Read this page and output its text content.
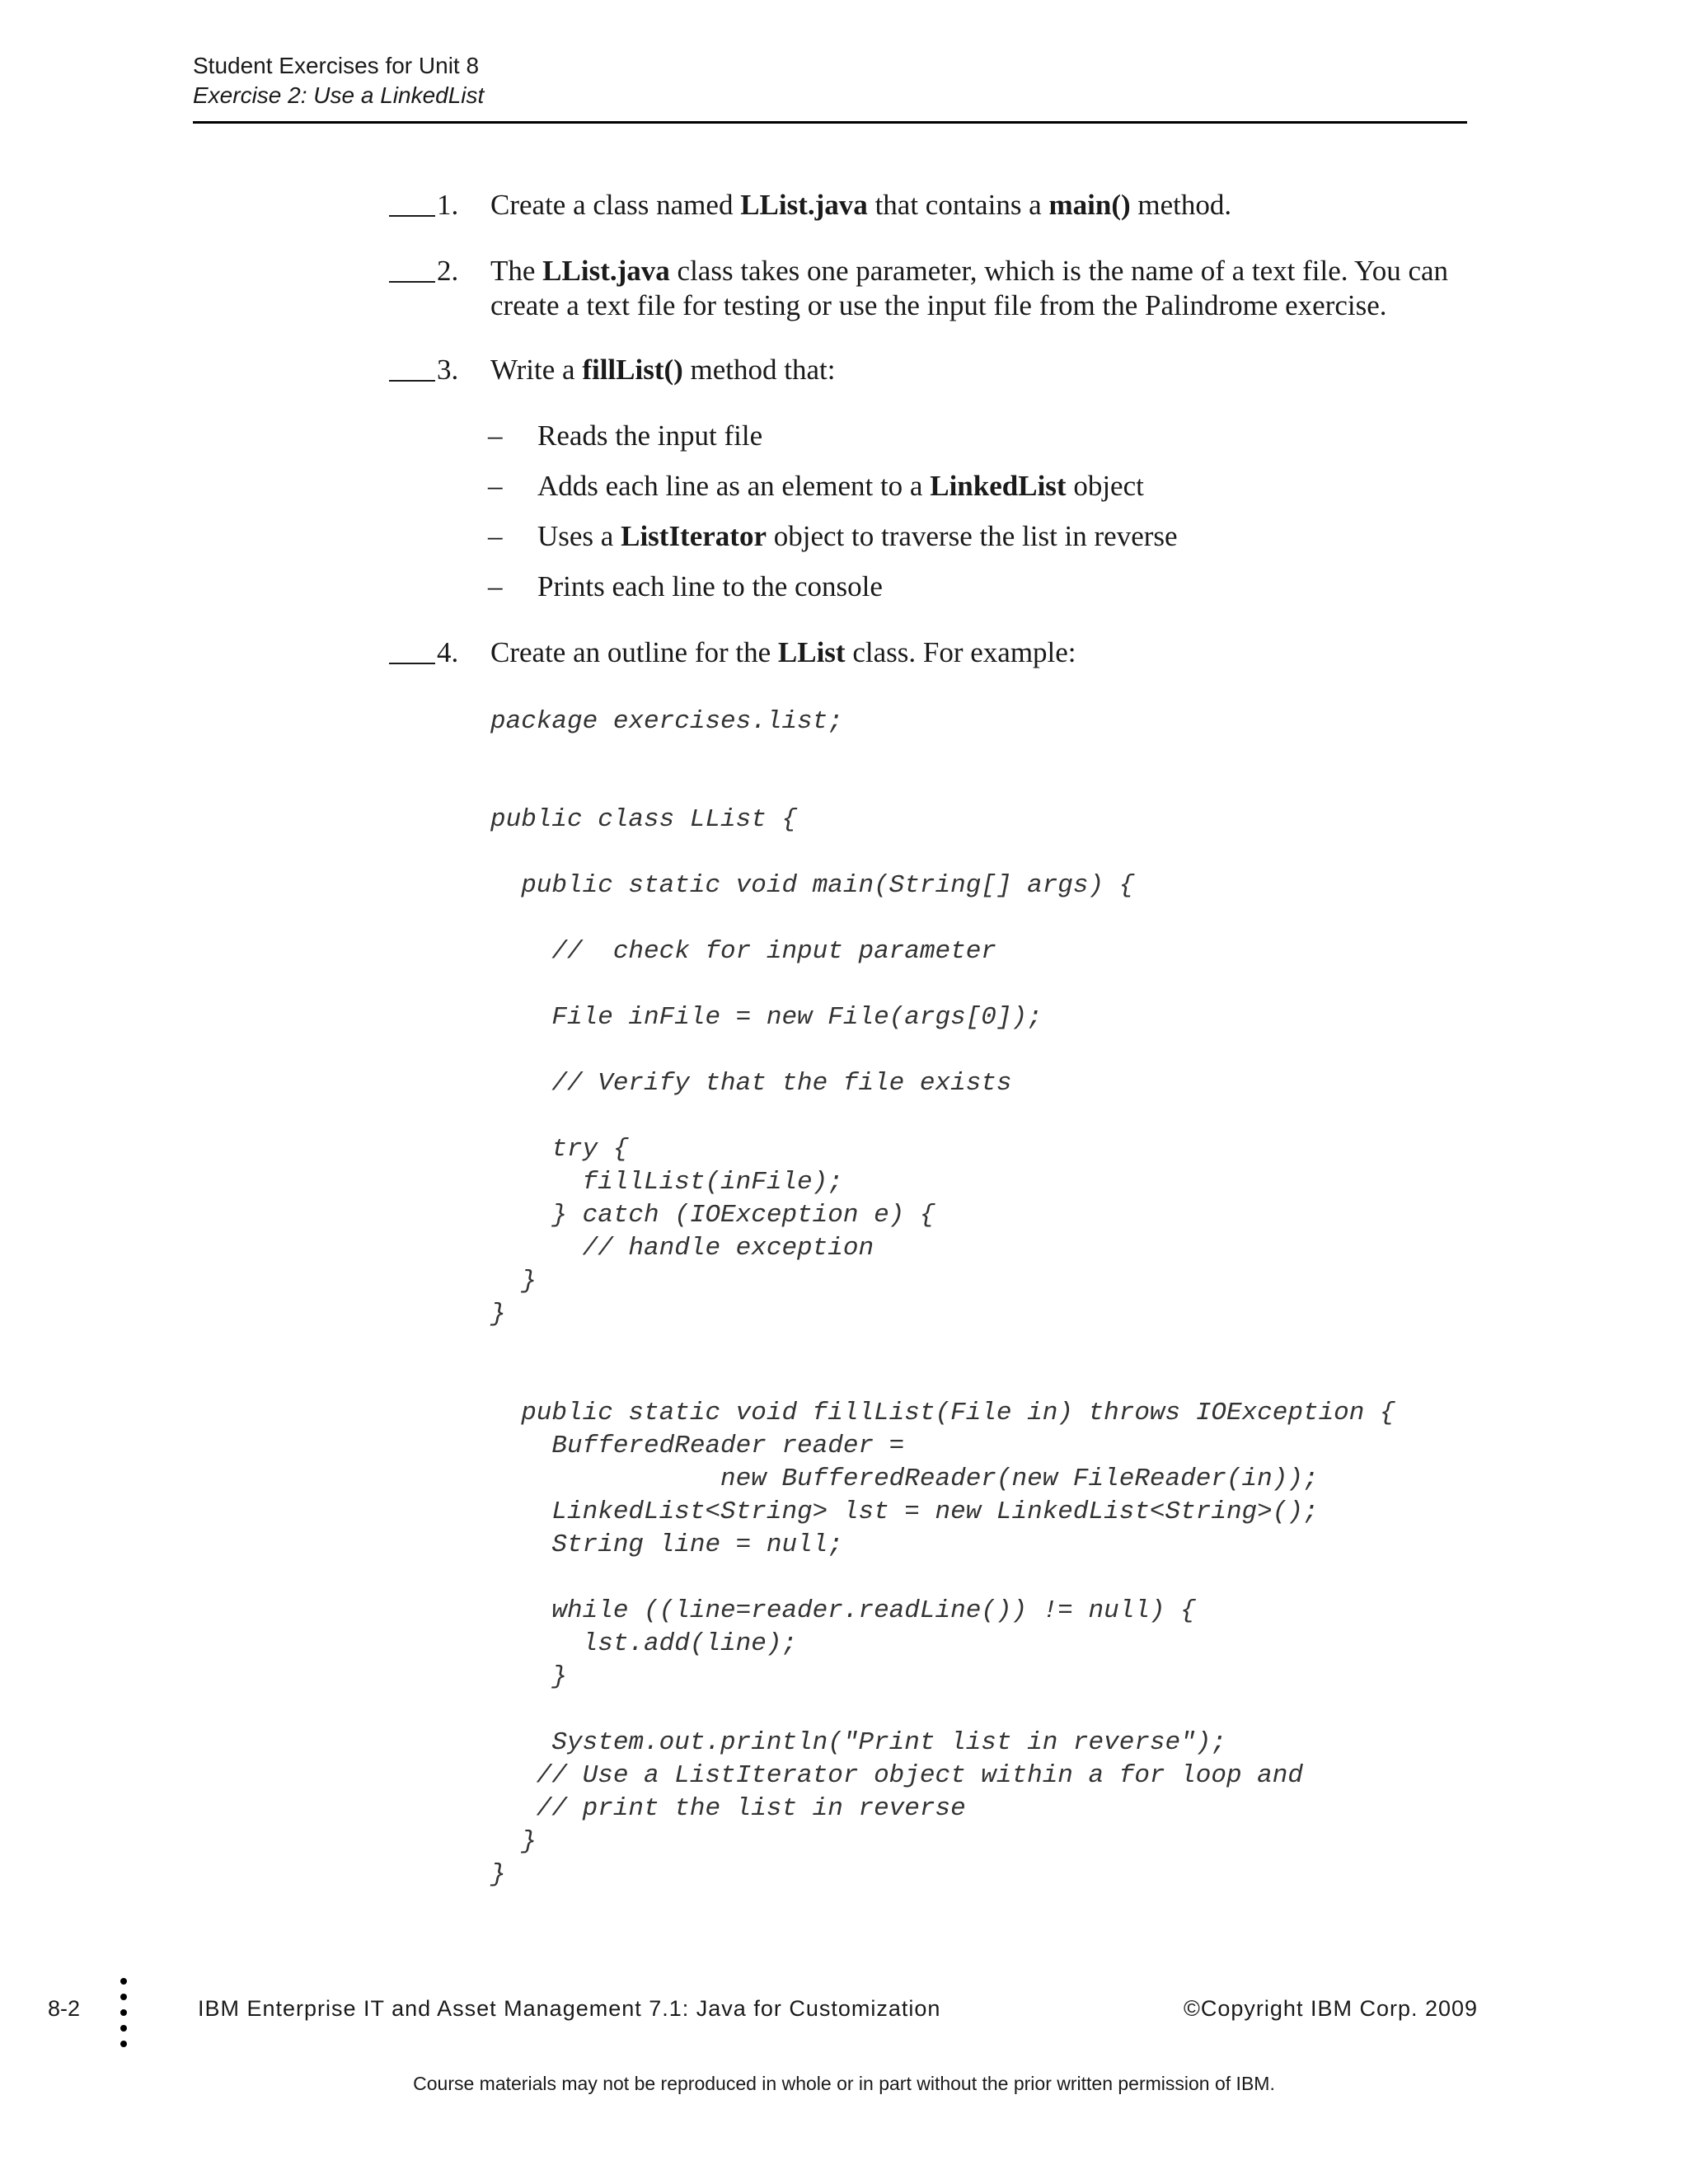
Student Exercises for Unit 8
Exercise 2: Use a LinkedList
1. Create a class named LList.java that contains a main() method.
2. The LList.java class takes one parameter, which is the name of a text file. You can create a text file for testing or use the input file from the Palindrome exercise.
3. Write a fillList() method that:
– Reads the input file
– Adds each line as an element to a LinkedList object
– Uses a ListIterator object to traverse the list in reverse
– Prints each line to the console
4. Create an outline for the LList class. For example:
package exercises.list;
public class LList {

public static void main(String[] args) {

//  check for input parameter

File inFile = new File(args[0]);

// Verify that the file exists

try {
fillList(inFile);
} catch (IOException e) {
// handle exception
}
}
public static void fillList(File in) throws IOException {
BufferedReader reader =
new BufferedReader(new FileReader(in));
LinkedList<String> lst = new LinkedList<String>();
String line = null;

while ((line=reader.readLine()) != null) {
lst.add(line);
}

System.out.println("Print list in reverse");
// Use a ListIterator object within a for loop and
// print the list in reverse
}
}
8-2	IBM Enterprise IT and Asset Management 7.1: Java for Customization	©Copyright IBM Corp. 2009
Course materials may not be reproduced in whole or in part without the prior written permission of IBM.
